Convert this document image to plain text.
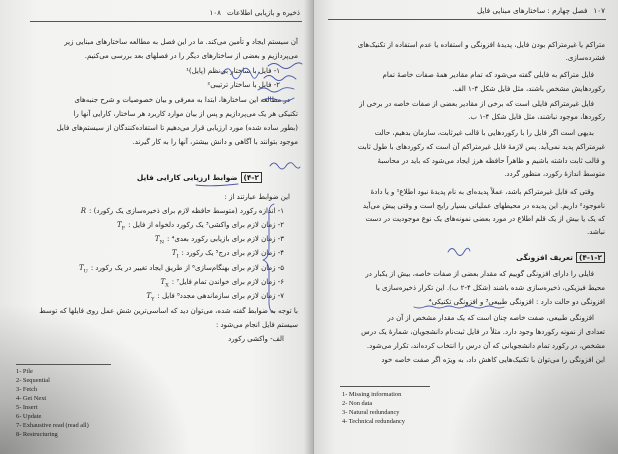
ذخیره و بازیابی اطلاعات۱۰۸
آن سیستم ایجاد و تأمین می‌کند. ما در این فصل به مطالعه ساختارهای مبنایی زیر
می‌پردازیم و بعضی از ساختارهای دیگر را در فصلهای بعد بررسی می‌کنیم.
۱- فایل با ساختار بی‌نظم (پایل)¹
۲- فایل با ساختار ترتیبی²
در مطالعه این ساختارها، ابتدا به معرفی و بیان خصوصیات و شرح جنبه‌های
تکنیکی هر یک می‌پردازیم و پس از بیان موارد کاربرد هر ساختار، کارایی آنها را
(بطور ساده شده) مورد ارزیابی قرار می‌دهیم تا استفاده‌کنندگان از سیستم‌های فایل
موجود بتوانند با آگاهی و دانش بیشتر، آنها را به کار گیرند.
۴-۲)ضوابط ارزیابی کارایی فایل
این ضوابط عبارتند از :
۱- اندازه رکورد (متوسط حافظه لازم برای ذخیره‌سازی یک رکورد) :R
۲- زمان لازم برای واکشی³ یک رکورد دلخواه از فایل $:T_F$
۳- زمان لازم برای بازیابی رکورد بعدی⁴ $:T_N$
۴- زمان لازم برای درج⁵ یک رکورد $:T_I$
۵- زمان لازم برای بهنگام‌سازی⁶ از طریق ایجاد تغییر در یک رکورد $:T_U$
۶- زمان لازم برای خواندن تمام فایل⁷ $:T_X$
۷- زمان لازم برای سازماندهی مجدد⁸ فایل $:T_Y$
با توجه به ضوابط گفته شده، می‌توان دید که اساسی‌ترین شش عمل روی فایلها که توسط
سیستم فایل انجام می‌شود :
الف- واکشی رکورد
1- Pile
2- Sequential
3- Fetch
4- Get Next
5- Insert
6- Update
7- Exhaustive read (read all)
8- Restructuring
۱۰۷فصل چهارم : ساختارهای مبنایی فایل
متراکم یا غیرمتراکم بودن فایل، پدیدهٔ افزونگی و استفاده یا عدم استفاده از تکنیک‌های
فشرده‌سازی.
فایل متراکم به فایلی گفته می‌شود که تمام مقادیر همهٔ صفات خاصهٔ تمام
رکوردهایش مشخص باشند، مثل فایل شکل ۴-۱ الف.
فایل غیرمتراکم فایلی است که برخی از مقادیر بعضی از صفات خاصه در برخی از
رکوردها، موجود نباشند، مثل فایل شکل ۴-۱ ب.
بدیهی است اگر فایل را با رکوردهایی با قالب غیرثابت، سازمان بدهیم، حالت
غیرمتراکم پدید نمی‌آید. پس لازمهٔ فایل غیرمتراکم آن است که رکوردهای با طول ثابت
و قالب ثابت داشته باشیم و ظاهراً حافظه هرز ایجاد می‌شود که باید در محاسبهٔ
متوسط اندازهٔ رکورد، منظور گردد.
وقتی که فایل غیرمتراکم باشد، عملاً پدیده‌ای به نام پدیدهٔ نبود اطلاع¹ و یا دادهٔ
ناموجود² داریم. این پدیده در محیطهای عملیاتی بسیار رایج است و وقتی پیش می‌آید
که یک یا بیش از یک قلم اطلاع در مورد بعضی نمونه‌های یک نوع موجودیت در دست
نباشد.
۴-۱-۲)تعریف افزونگی
فایلی را دارای افزونگی گوییم که مقدار بعضی از صفات خاصه، بیش از یکبار در
محیط فیزیکی، ذخیره‌سازی شده باشند (شکل ۴-۲ ب). این تکرار ذخیره‌سازی یا
افزونگی دو حالت دارد : افزونگی طبیعی³ و افزونگی تکنیکی⁴
افزونگی طبیعی، صفت خاصه چنان است که یک مقدار مشخص از آن در
تعدادی از نمونه رکوردها وجود دارد. مثلاً در فایل ثبت‌نام دانشجویان، شمارهٔ یک درس
مشخص، در رکورد تمام دانشجویانی که آن درس را انتخاب کرده‌اند، تکرار می‌شود.
این افزونگی را می‌توان با تکنیک‌هایی کاهش داد، به ویژه اگر صفت خاصه خود
1- Missing information
2- Non data
3- Natural redundancy
4- Technical redundancy
